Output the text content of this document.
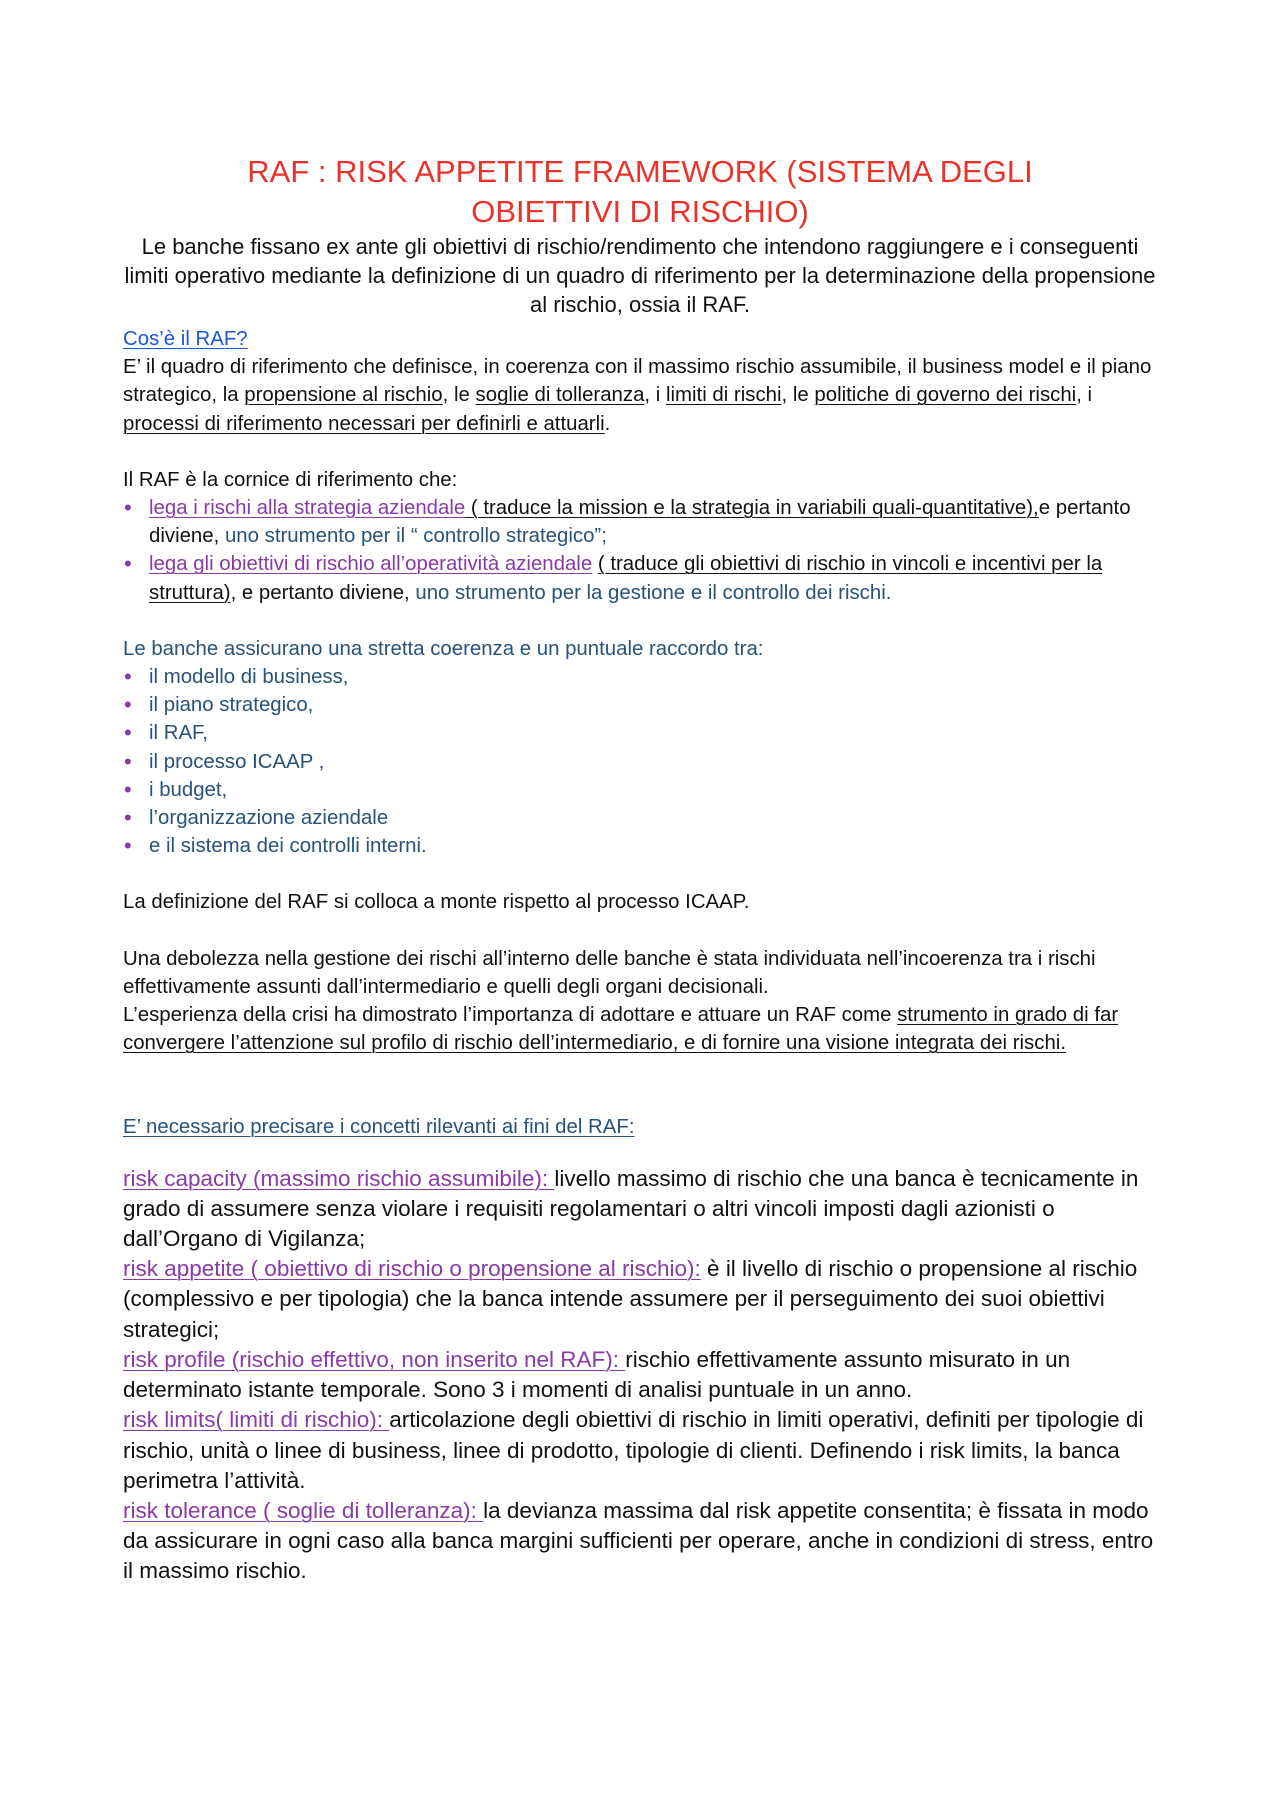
RAF : RISK APPETITE FRAMEWORK (SISTEMA DEGLI
OBIETTIVI DI RISCHIO)
Le banche fissano ex ante gli obiettivi di rischio/rendimento che intendono raggiungere e i conseguenti limiti operativo mediante la definizione di un quadro di riferimento per la determinazione della propensione al rischio, ossia il RAF.

Cos’è il RAF?

E’ il quadro di riferimento che definisce, in coerenza con il massimo rischio assumibile, il business model e il piano strategico, la propensione al rischio, le soglie di tolleranza, i limiti di rischi, le politiche di governo dei rischi, i processi di riferimento necessari per definirli e attuarli.

Il RAF è la cornice di riferimento che:

• lega i rischi alla strategia aziendale ( traduce la mission e la strategia in variabili quali-quantitative),e pertanto diviene, uno strumento per il “ controllo strategico”;
• lega gli obiettivi di rischio all’operatività aziendale ( traduce gli obiettivi di rischio in vincoli e incentivi per la struttura), e pertanto diviene, uno strumento per la gestione e il controllo dei rischi.

Le banche assicurano una stretta coerenza e un puntuale raccordo tra:

• il modello di business,
• il piano strategico,
• il RAF,
• il processo ICAAP ,
• i budget,
• l’organizzazione aziendale
• e il sistema dei controlli interni.

La definizione del RAF si colloca a monte rispetto al processo ICAAP.

Una debolezza nella gestione dei rischi all’interno delle banche è stata individuata nell’incoerenza tra i rischi effettivamente assunti dall’intermediario e quelli degli organi decisionali.

L’esperienza della crisi ha dimostrato l’importanza di adottare e attuare un RAF come strumento in grado di far convergere l’attenzione sul profilo di rischio dell’intermediario, e di fornire una visione integrata dei rischi.

E’ necessario precisare i concetti rilevanti ai fini del RAF:

risk capacity (massimo rischio assumibile): livello massimo di rischio che una banca è tecnicamente in grado di assumere senza violare i requisiti regolamentari o altri vincoli imposti dagli azionisti o dall’Organo di Vigilanza;

risk appetite ( obiettivo di rischio o propensione al rischio): è il livello di rischio o propensione al rischio (complessivo e per tipologia) che la banca intende assumere per il perseguimento dei suoi obiettivi strategici;

risk profile (rischio effettivo, non inserito nel RAF): rischio effettivamente assunto misurato in un determinato istante temporale. Sono 3 i momenti di analisi puntuale in un anno.

risk limits( limiti di rischio): articolazione degli obiettivi di rischio in limiti operativi, definiti per tipologie di rischio, unità o linee di business, linee di prodotto, tipologie di clienti. Definendo i risk limits, la banca perimetra l’attività.

risk tolerance ( soglie di tolleranza): la devianza massima dal risk appetite consentita; è fissata in modo da assicurare in ogni caso alla banca margini sufficienti per operare, anche in condizioni di stress, entro il massimo rischio.
